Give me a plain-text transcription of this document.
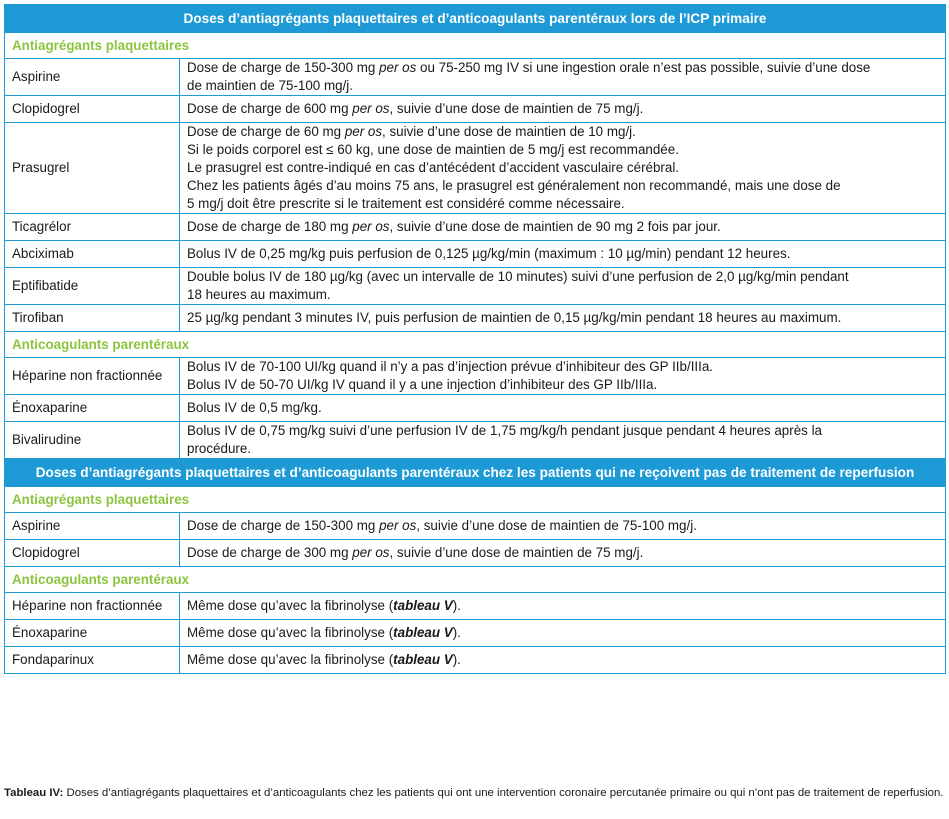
Doses d’antiagrégants plaquettaires et d’anticoagulants parentéraux lors de l’ICP primaire	
Antiagrégants plaquettaires	
Aspirine	Dose de charge de 150-300 mg per os ou 75-250 mg IV si une ingestion orale n’est pas possible, suivie d’une dose
de maintien de 75-100 mg/j.

Clopidogrel	Dose de charge de 600 mg per os, suivie d’une dose de maintien de 75 mg/j.

Prasugrel	Dose de charge de 60 mg per os, suivie d’une dose de maintien de 10 mg/j.
Si le poids corporel est ≤ 60 kg, une dose de maintien de 5 mg/j est recommandée.
Le prasugrel est contre-indiqué en cas d’antécédent d’accident vasculaire cérébral.
Chez les patients âgés d’au moins 75 ans, le prasugrel est généralement non recommandé, mais une dose de
5 mg/j doit être prescrite si le traitement est considéré comme nécessaire.

Ticagrélor	Dose de charge de 180 mg per os, suivie d’une dose de maintien de 90 mg 2 fois par jour.

Abciximab	Bolus IV de 0,25 mg/kg puis perfusion de 0,125 µg/kg/min (maximum : 10 µg/min) pendant 12 heures.

Eptifibatide	Double bolus IV de 180 µg/kg (avec un intervalle de 10 minutes) suivi d’une perfusion de 2,0 µg/kg/min pendant
18 heures au maximum.

Tirofiban	25 µg/kg pendant 3 minutes IV, puis perfusion de maintien de 0,15 µg/kg/min pendant 18 heures au maximum.

Anticoagulants parentéraux	
Héparine non fractionnée	Bolus IV de 70-100 UI/kg quand il n’y a pas d’injection prévue d’inhibiteur des GP IIb/IIIa.
Bolus IV de 50-70 UI/kg IV quand il y a une injection d’inhibiteur des GP IIb/IIIa.

Énoxaparine	Bolus IV de 0,5 mg/kg.

Bivalirudine	Bolus IV de 0,75 mg/kg suivi d’une perfusion IV de 1,75 mg/kg/h pendant jusque pendant 4 heures après la
procédure.

Doses d’antiagrégants plaquettaires et d’anticoagulants parentéraux chez les patients qui ne reçoivent pas de traitement de reperfusion	
Antiagrégants plaquettaires	
Aspirine	Dose de charge de 150-300 mg per os, suivie d’une dose de maintien de 75-100 mg/j.

Clopidogrel	Dose de charge de 300 mg per os, suivie d’une dose de maintien de 75 mg/j.

Anticoagulants parentéraux	
Héparine non fractionnée	Même dose qu’avec la fibrinolyse (tableau V).

Énoxaparine	Même dose qu’avec la fibrinolyse (tableau V).

Fondaparinux	Même dose qu’avec la fibrinolyse (tableau V).
Tableau IV: Doses d’antiagrégants plaquettaires et d’anticoagulants chez les patients qui ont une intervention coronaire percutanée primaire ou qui n’ont pas de traitement de reperfusion.
